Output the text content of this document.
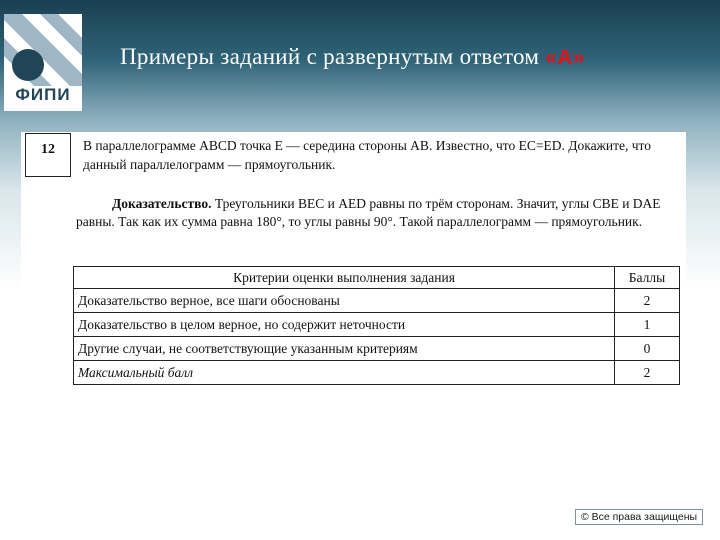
ФИПИ
Примеры заданий с развернутым ответом «А»
12	В параллелограмме ABCD точка E — середина стороны AB. Известно, что EC=ED. Докажите, что данный параллелограмм — прямоугольник.

Доказательство. Треугольники BEC и AED равны по трём сторонам. Значит, углы CBE и DAE равны. Так как их сумма равна 180°, то углы равны 90°. Такой параллелограмм — прямоугольник.

Критерии оценки выполнения задания	Баллы
Доказательство верное, все шаги обоснованы	2
Доказательство в целом верное, но содержит неточности	1
Другие случаи, не соответствующие указанным критериям	0
Максимальный балл	2
© Все права защищены
